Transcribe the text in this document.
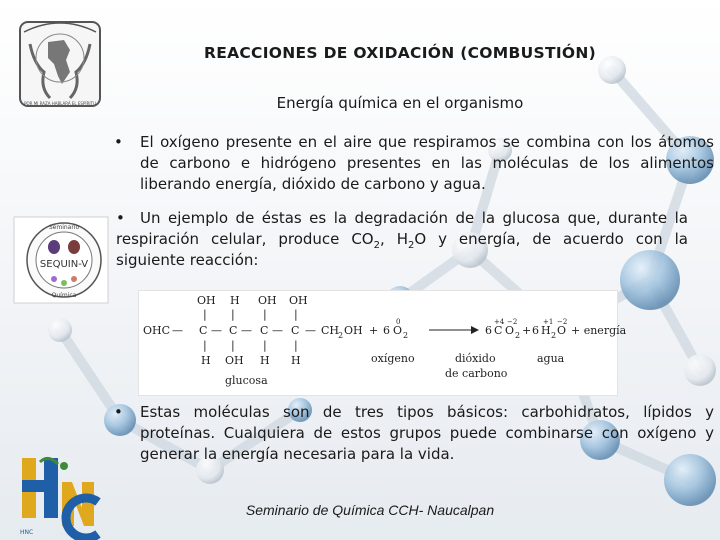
POR MI RAZA HABLARÁ EL ESPÍRITU
REACCIONES DE OXIDACIÓN (COMBUSTIÓN)
Energía química en el organismo
• El oxígeno presente en el aire que respiramos se combina con los átomos de carbono e hidrógeno presentes en las moléculas de los alimentos liberando energía, dióxido de carbono y agua.
• Un ejemplo de éstas es la degradación de la glucosa que, durante la respiración celular, produce $CO_2$, $H_2O$ y energía, de acuerdo con la siguiente reacción:
OH H OH OH
| |	| |
OHC — C — C — C — C — CH
2 OH + 6 O 2
0
| |	| |
H OH H H
glucosa
6 C O 2
+4 −2
+ 6 H 2 O
+1 −2
+ energía
oxígeno	dióxido
de carbono
agua
• Estas moléculas son de tres tipos básicos: carbohidratos, lípidos y proteínas. Cualquiera de estos grupos puede combinarse con oxígeno y generar la energía necesaria para la vida.
Seminario
Química
SEQUIN-V
HNC
Seminario de Química CCH- Naucalpan
